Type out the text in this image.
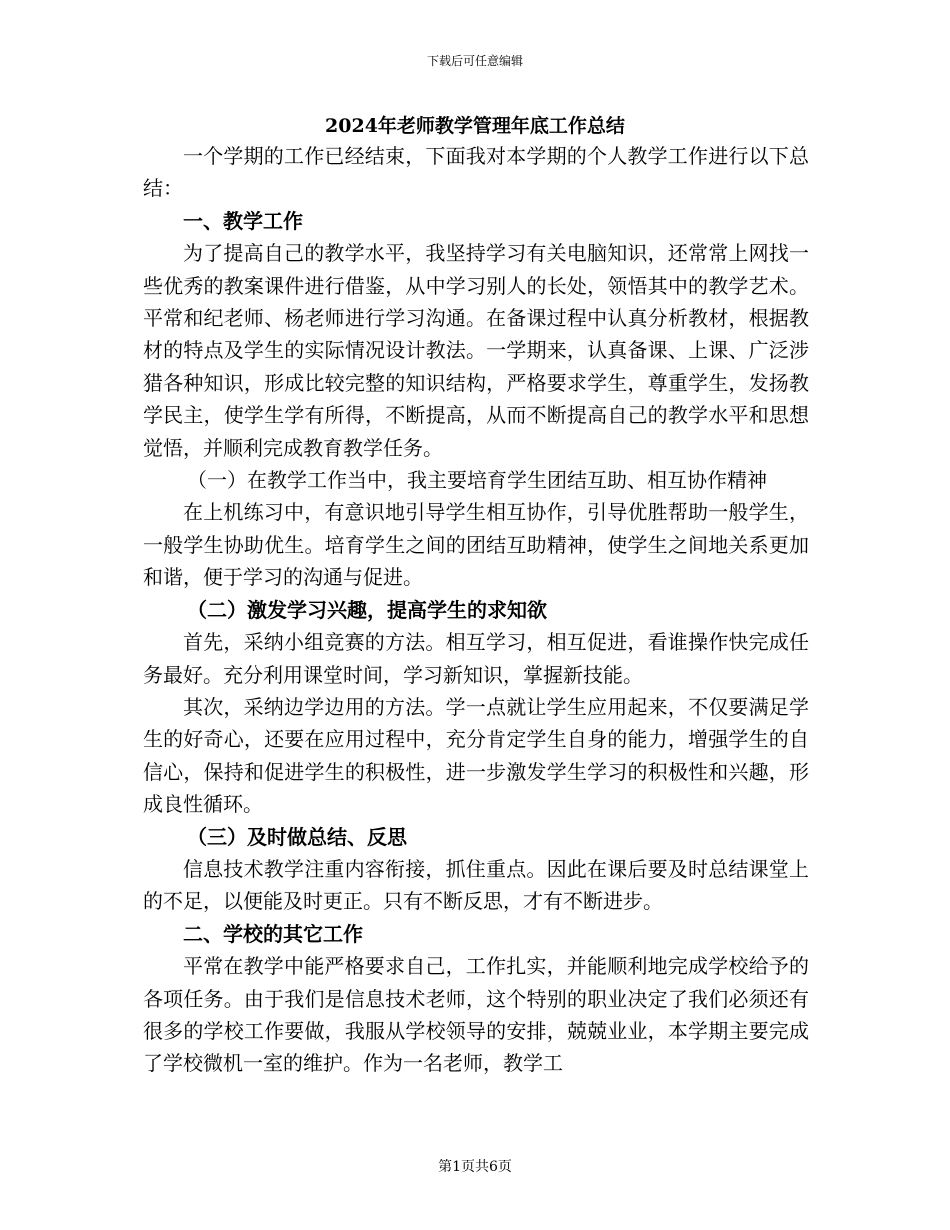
下载后可任意编辑
2024年老师教学管理年底工作总结

一个学期的工作已经结束，下面我对本学期的个人教学工作进行以下总结：

一、教学工作

为了提高自己的教学水平，我坚持学习有关电脑知识，还常常上网找一些优秀的教案课件进行借鉴，从中学习别人的长处，领悟其中的教学艺术。平常和纪老师、杨老师进行学习沟通。在备课过程中认真分析教材，根据教材的特点及学生的实际情况设计教法。一学期来，认真备课、上课、广泛涉猎各种知识，形成比较完整的知识结构，严格要求学生，尊重学生，发扬教学民主，使学生学有所得，不断提高，从而不断提高自己的教学水平和思想觉悟，并顺利完成教育教学任务。

（一）在教学工作当中，我主要培育学生团结互助、相互协作精神

在上机练习中，有意识地引导学生相互协作，引导优胜帮助一般学生，一般学生协助优生。培育学生之间的团结互助精神，使学生之间地关系更加和谐，便于学习的沟通与促进。

（二）激发学习兴趣，提高学生的求知欲

首先，采纳小组竞赛的方法。相互学习，相互促进，看谁操作快完成任务最好。充分利用课堂时间，学习新知识，掌握新技能。

其次，采纳边学边用的方法。学一点就让学生应用起来，不仅要满足学生的好奇心，还要在应用过程中，充分肯定学生自身的能力，增强学生的自信心，保持和促进学生的积极性，进一步激发学生学习的积极性和兴趣，形成良性循环。

（三）及时做总结、反思

信息技术教学注重内容衔接，抓住重点。因此在课后要及时总结课堂上的不足，以便能及时更正。只有不断反思，才有不断进步。

二、学校的其它工作

平常在教学中能严格要求自己，工作扎实，并能顺利地完成学校给予的各项任务。由于我们是信息技术老师，这个特别的职业决定了我们必须还有很多的学校工作要做，我服从学校领导的安排，兢兢业业，本学期主要完成了学校微机一室的维护。作为一名老师，教学工

第1页共6页
